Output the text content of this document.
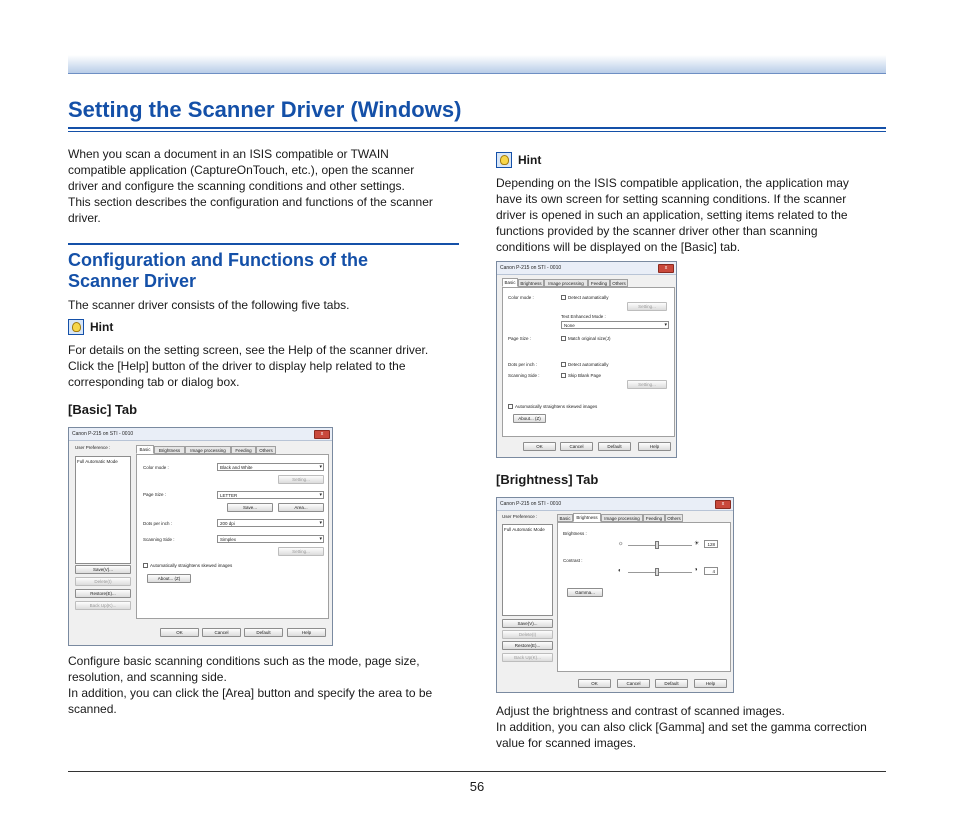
Setting the Scanner Driver (Windows)

When you scan a document in an ISIS compatible or TWAIN

compatible application (CaptureOnTouch, etc.), open the scanner

driver and configure the scanning conditions and other settings.

This section describes the configuration and functions of the scanner

driver.

Configuration and Functions of the
Scanner Driver

The scanner driver consists of the following five tabs.

Hint

For details on the setting screen, see the Help of the scanner driver.

Click the [Help] button of the driver to display help related to the

corresponding tab or dialog box.

[Basic] Tab
Canon P-215 on STI - 0010	x
User Preference :
Full Automatic Mode
Save(V)...
Delete(I)
Restore(E)...
Back Up(K)...
Basic	Brightness	Image processing	Feeding	Others
Color mode :	Black and White ▾
Setting...
Page Size :	LETTER ▾
Save...	Area...
Dots per inch :	200 dpi ▾
Scanning Side :	Simplex ▾
Setting...
Automatically straightens skewed images
About... (Z)
OK	Cancel	Default	Help

Configure basic scanning conditions such as the mode, page size,

resolution, and scanning side.

In addition, you can click the [Area] button and specify the area to be

scanned.

Hint

Depending on the ISIS compatible application, the application may

have its own screen for setting scanning conditions. If the scanner

driver is opened in such an application, setting items related to the

functions provided by the scanner driver other than scanning

conditions will be displayed on the [Basic] tab.

Canon P-215 on STI - 0010	x
Basic	Brightness	Image processing	Feeding	Others
Color mode :	Detect automatically
Setting...
Text Enhanced Mode :
None ▾
Page Size :	Match original size(J)
Dots per inch :	Detect automatically
Scanning Side :	Skip Blank Page
Setting...
Automatically straightens skewed images
About... (Z)
OK	Cancel	Default	Help
[Brightness] Tab
Canon P-215 on STI - 0010	x
User Preference :
Full Automatic Mode
Save(V)...
Delete(I)
Restore(E)...
Back Up(K)...
Basic	Brightness	Image processing	Feeding	Others
Brightness :
☼	☀	128
Contrast :
◐	◑	4
Gamma...
OK	Cancel	Default	Help

Adjust the brightness and contrast of scanned images.

In addition, you can also click [Gamma] and set the gamma correction

value for scanned images.

56
